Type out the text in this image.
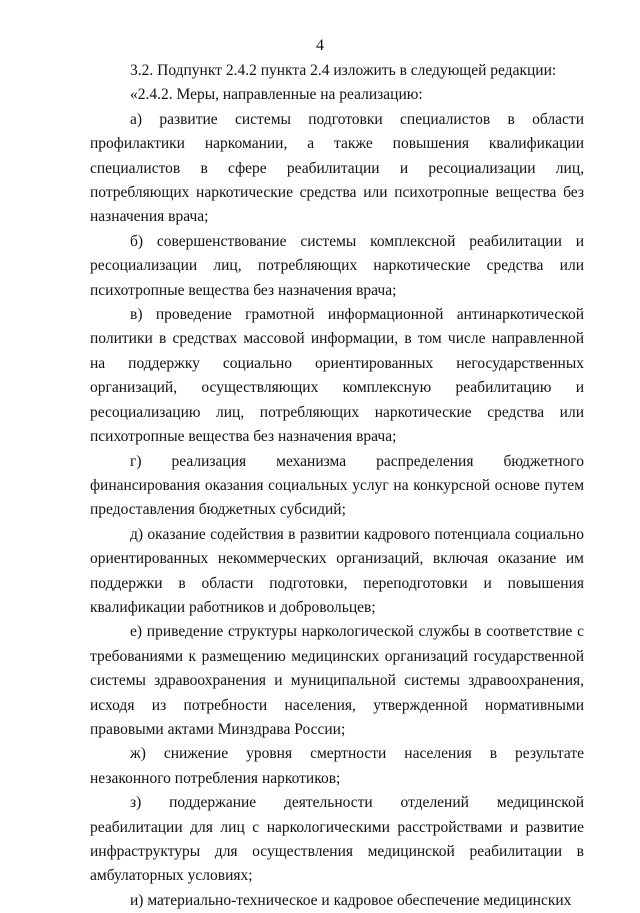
4

3.2. Подпункт 2.4.2 пункта 2.4 изложить в следующей редакции:

«2.4.2. Меры, направленные на реализацию:

а) развитие системы подготовки специалистов в области профилактики наркомании, а также повышения квалификации специалистов в сфере реабилитации и ресоциализации лиц, потребляющих наркотические средства или психотропные вещества без назначения врача;

б) совершенствование системы комплексной реабилитации и ресоциализации лиц, потребляющих наркотические средства или психотропные вещества без назначения врача;

в) проведение грамотной информационной антинаркотической политики в средствах массовой информации, в том числе направленной на поддержку социально ориентированных негосударственных организаций, осуществляющих комплексную реабилитацию и ресоциализацию лиц, потребляющих наркотические средства или психотропные вещества без назначения врача;

г) реализация механизма распределения бюджетного финансирования оказания социальных услуг на конкурсной основе путем предоставления бюджетных субсидий;

д) оказание содействия в развитии кадрового потенциала социально ориентированных некоммерческих организаций, включая оказание им поддержки в области подготовки, переподготовки и повышения квалификации работников и добровольцев;

е) приведение структуры наркологической службы в соответствие с требованиями к размещению медицинских организаций государственной системы здравоохранения и муниципальной системы здравоохранения, исходя из потребности населения, утвержденной нормативными правовыми актами Минздрава России;

ж) снижение уровня смертности населения в результате незаконного потребления наркотиков;

з) поддержание деятельности отделений медицинской реабилитации для лиц с наркологическими расстройствами и развитие инфраструктуры для осуществления медицинской реабилитации в амбулаторных условиях;

и) материально-техническое и кадровое обеспечение медицинских
